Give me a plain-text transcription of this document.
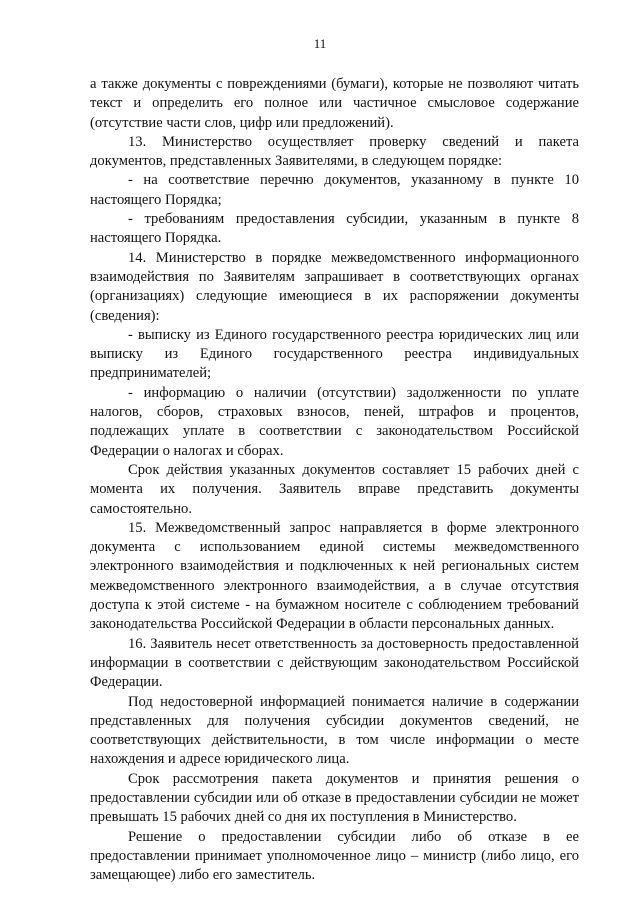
11

а также документы с повреждениями (бумаги), которые не позволяют читать текст и определить его полное или частичное смысловое содержание (отсутствие части слов, цифр или предложений).

13. Министерство осуществляет проверку сведений и пакета документов, представленных Заявителями, в следующем порядке:

- на соответствие перечню документов, указанному в пункте 10 настоящего Порядка;

- требованиям предоставления субсидии, указанным в пункте 8 настоящего Порядка.

14. Министерство в порядке межведомственного информационного взаимодействия по Заявителям запрашивает в соответствующих органах (организациях) следующие имеющиеся в их распоряжении документы (сведения):

- выписку из Единого государственного реестра юридических лиц или выписку из Единого государственного реестра индивидуальных предпринимателей;

- информацию о наличии (отсутствии) задолженности по уплате налогов, сборов, страховых взносов, пеней, штрафов и процентов, подлежащих уплате в соответствии с законодательством Российской Федерации о налогах и сборах.

Срок действия указанных документов составляет 15 рабочих дней с момента их получения. Заявитель вправе представить документы самостоятельно.

15. Межведомственный запрос направляется в форме электронного документа с использованием единой системы межведомственного электронного взаимодействия и подключенных к ней региональных систем межведомственного электронного взаимодействия, а в случае отсутствия доступа к этой системе - на бумажном носителе с соблюдением требований законодательства Российской Федерации в области персональных данных.

16. Заявитель несет ответственность за достоверность предоставленной информации в соответствии с действующим законодательством Российской Федерации.

Под недостоверной информацией понимается наличие в содержании представленных для получения субсидии документов сведений, не соответствующих действительности, в том числе информации о месте нахождения и адресе юридического лица.

Срок рассмотрения пакета документов и принятия решения о предоставлении субсидии или об отказе в предоставлении субсидии не может превышать 15 рабочих дней со дня их поступления в Министерство.

Решение о предоставлении субсидии либо об отказе в ее предоставлении принимает уполномоченное лицо – министр (либо лицо, его замещающее) либо его заместитель.
